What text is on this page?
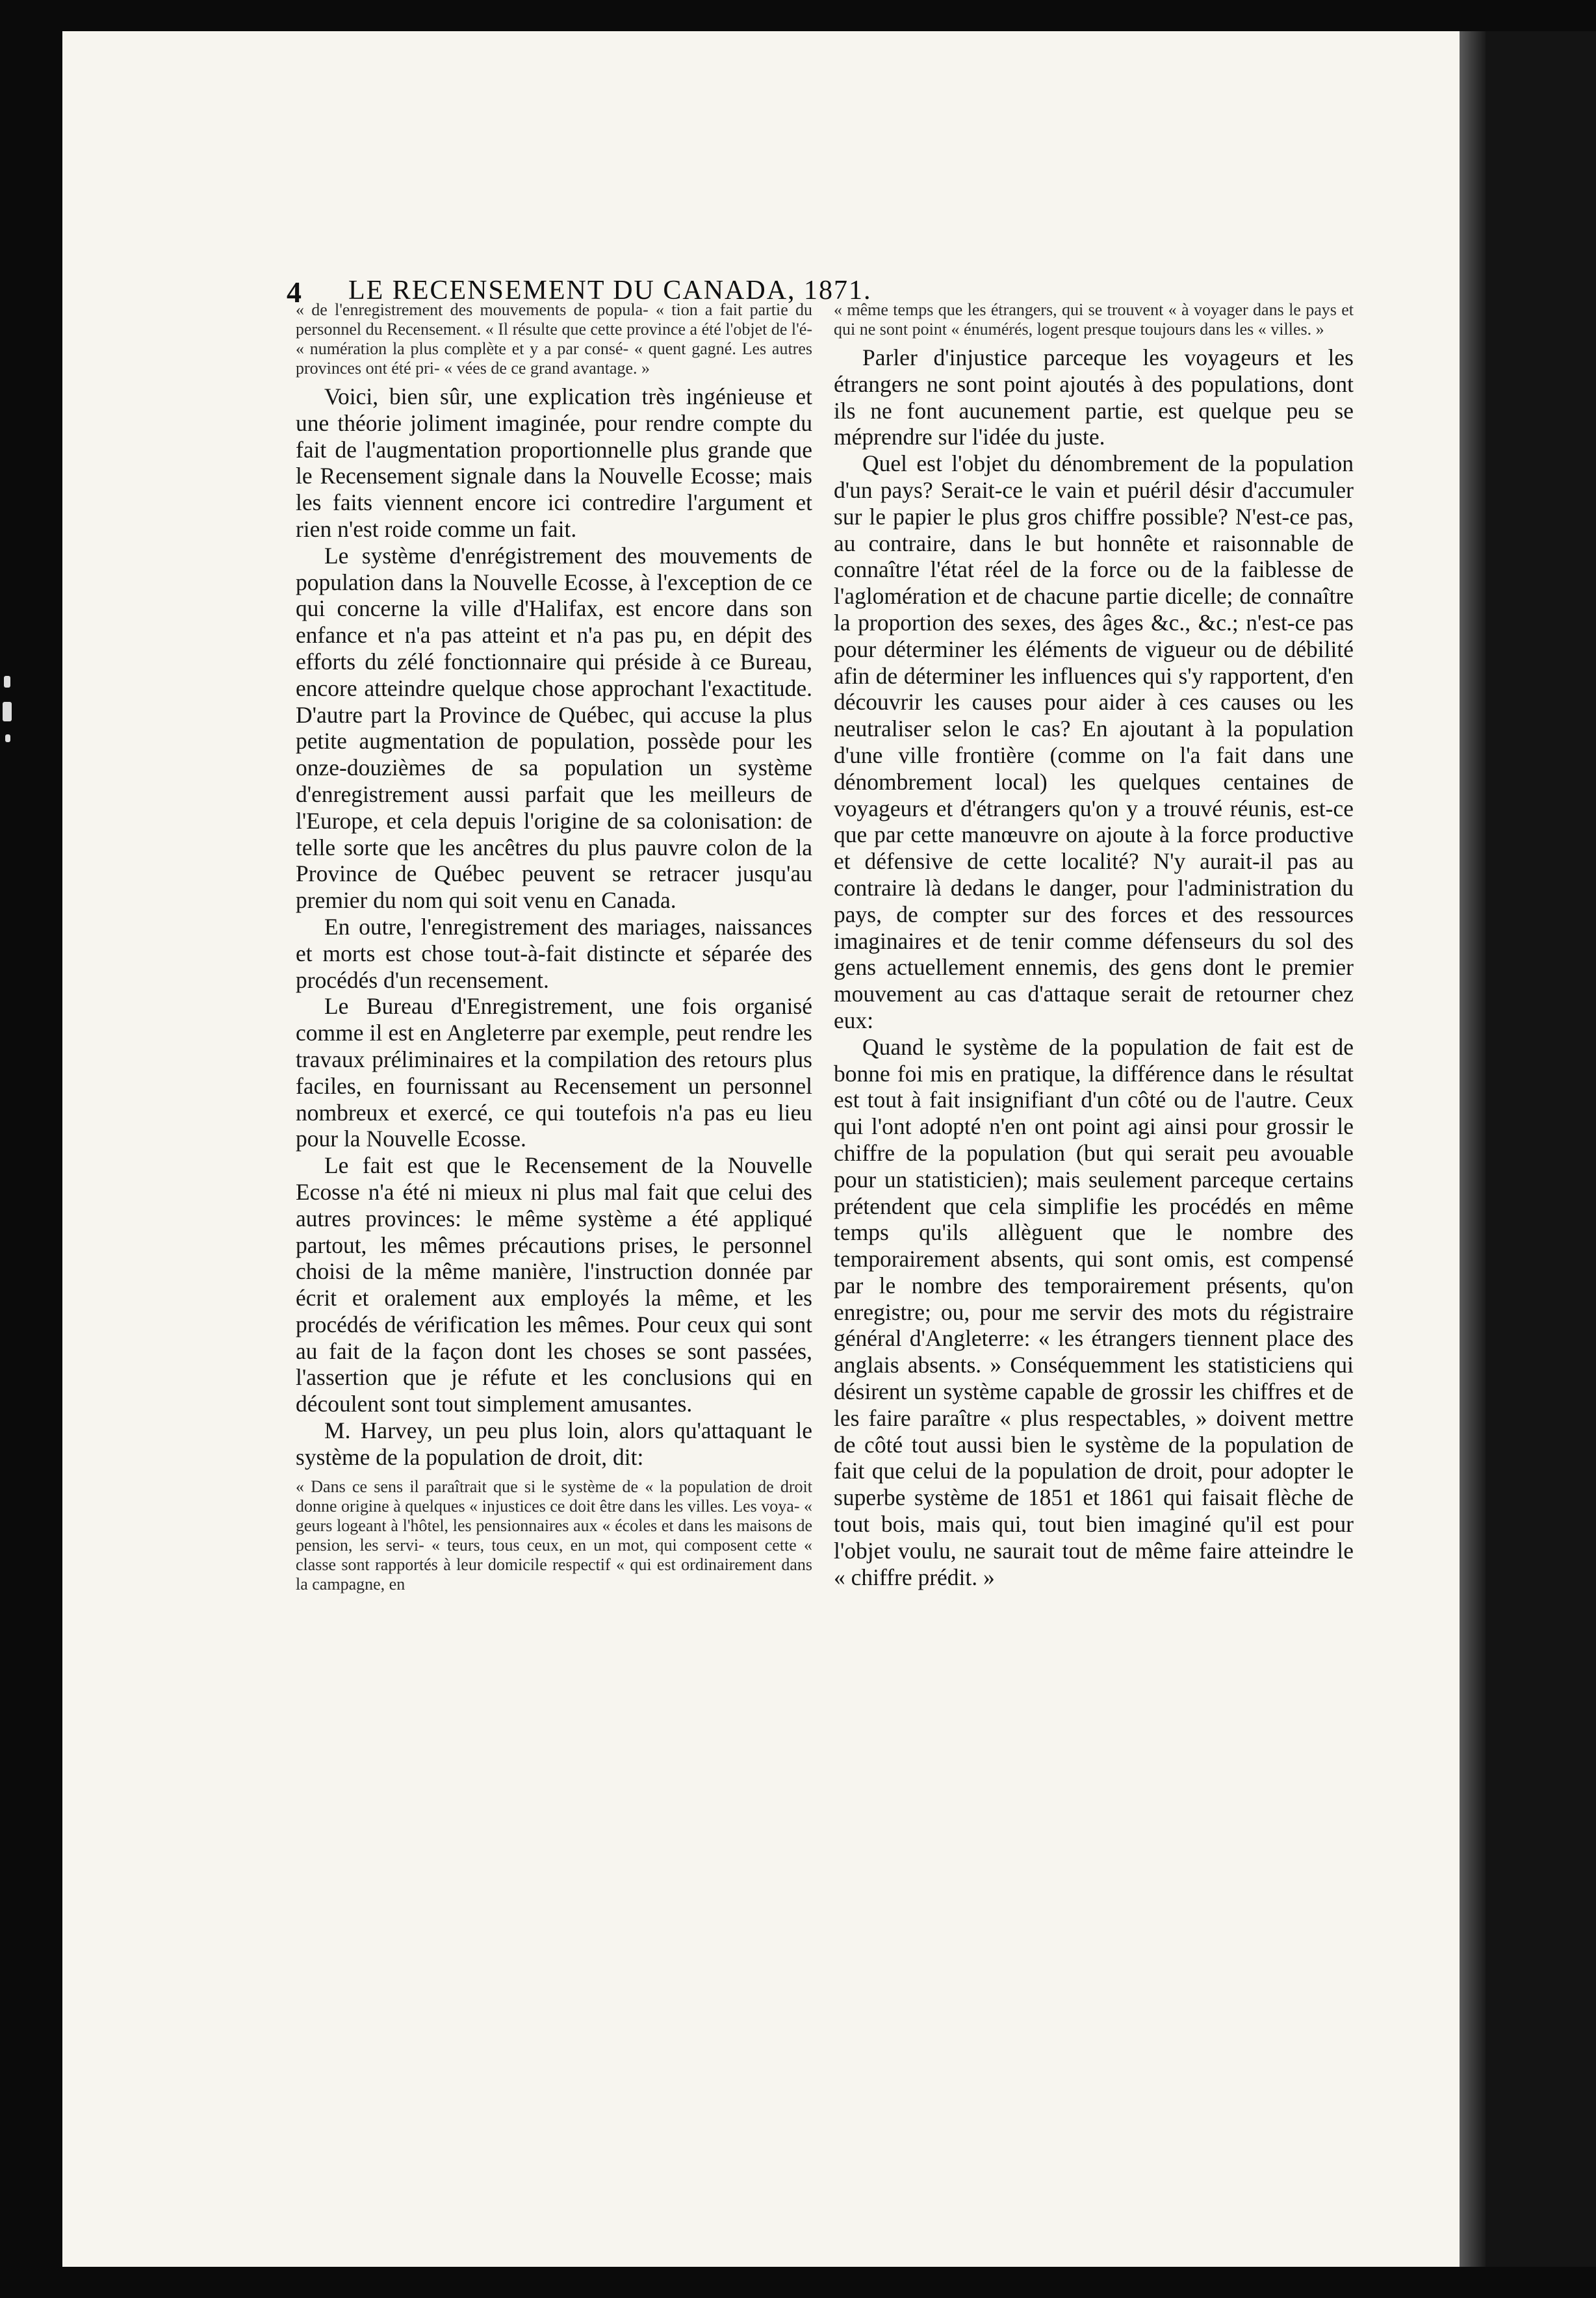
4 LE RECENSEMENT DU CANADA, 1871.

« de l'enregistrement des mouvements de popula- « tion a fait partie du personnel du Recensement. « Il résulte que cette province a été l'objet de l'é- « numération la plus complète et y a par consé- « quent gagné. Les autres provinces ont été pri- « vées de ce grand avantage. »

Voici, bien sûr, une explication très ingénieuse et une théorie joliment imaginée, pour rendre compte du fait de l'augmentation proportionnelle plus grande que le Recensement signale dans la Nouvelle Ecosse; mais les faits viennent encore ici contredire l'argument et rien n'est roide comme un fait.

Le système d'enrégistrement des mouvements de population dans la Nouvelle Ecosse, à l'exception de ce qui concerne la ville d'Halifax, est encore dans son enfance et n'a pas atteint et n'a pas pu, en dépit des efforts du zélé fonctionnaire qui préside à ce Bureau, encore atteindre quelque chose approchant l'exactitude. D'autre part la Province de Québec, qui accuse la plus petite augmentation de population, possède pour les onze-douzièmes de sa population un système d'enregistrement aussi parfait que les meilleurs de l'Europe, et cela depuis l'origine de sa colonisation: de telle sorte que les ancêtres du plus pauvre colon de la Province de Québec peuvent se retracer jusqu'au premier du nom qui soit venu en Canada.

En outre, l'enregistrement des mariages, naissances et morts est chose tout-à-fait distincte et séparée des procédés d'un recensement.

Le Bureau d'Enregistrement, une fois organisé comme il est en Angleterre par exemple, peut rendre les travaux préliminaires et la compilation des retours plus faciles, en fournissant au Recensement un personnel nombreux et exercé, ce qui toutefois n'a pas eu lieu pour la Nouvelle Ecosse.

Le fait est que le Recensement de la Nouvelle Ecosse n'a été ni mieux ni plus mal fait que celui des autres provinces: le même système a été appliqué partout, les mêmes précautions prises, le personnel choisi de la même manière, l'instruction donnée par écrit et oralement aux employés la même, et les procédés de vérification les mêmes. Pour ceux qui sont au fait de la façon dont les choses se sont passées, l'assertion que je réfute et les conclusions qui en découlent sont tout simplement amusantes.

M. Harvey, un peu plus loin, alors qu'attaquant le système de la population de droit, dit:

« Dans ce sens il paraîtrait que si le système de « la population de droit donne origine à quelques « injustices ce doit être dans les villes. Les voya- « geurs logeant à l'hôtel, les pensionnaires aux « écoles et dans les maisons de pension, les servi- « teurs, tous ceux, en un mot, qui composent cette « classe sont rapportés à leur domicile respectif « qui est ordinairement dans la campagne, en

« même temps que les étrangers, qui se trouvent « à voyager dans le pays et qui ne sont point « énumérés, logent presque toujours dans les « villes. »

Parler d'injustice parceque les voyageurs et les étrangers ne sont point ajoutés à des populations, dont ils ne font aucunement partie, est quelque peu se méprendre sur l'idée du juste.

Quel est l'objet du dénombrement de la population d'un pays? Serait-ce le vain et puéril désir d'accumuler sur le papier le plus gros chiffre possible? N'est-ce pas, au contraire, dans le but honnête et raisonnable de connaître l'état réel de la force ou de la faiblesse de l'aglomération et de chacune partie dicelle; de connaître la proportion des sexes, des âges &c., &c.; n'est-ce pas pour déterminer les éléments de vigueur ou de débilité afin de déterminer les influences qui s'y rapportent, d'en découvrir les causes pour aider à ces causes ou les neutraliser selon le cas? En ajoutant à la population d'une ville frontière (comme on l'a fait dans une dénombrement local) les quelques centaines de voyageurs et d'étrangers qu'on y a trouvé réunis, est-ce que par cette manœuvre on ajoute à la force productive et défensive de cette localité? N'y aurait-il pas au contraire là dedans le danger, pour l'administration du pays, de compter sur des forces et des ressources imaginaires et de tenir comme défenseurs du sol des gens actuellement ennemis, des gens dont le premier mouvement au cas d'attaque serait de retourner chez eux:

Quand le système de la population de fait est de bonne foi mis en pratique, la différence dans le résultat est tout à fait insignifiant d'un côté ou de l'autre. Ceux qui l'ont adopté n'en ont point agi ainsi pour grossir le chiffre de la population (but qui serait peu avouable pour un statisticien); mais seulement parceque certains prétendent que cela simplifie les procédés en même temps qu'ils allèguent que le nombre des temporairement absents, qui sont omis, est compensé par le nombre des temporairement présents, qu'on enregistre; ou, pour me servir des mots du régistraire général d'Angleterre: « les étrangers tiennent place des anglais absents. » Conséquemment les statisticiens qui désirent un système capable de grossir les chiffres et de les faire paraître « plus respectables, » doivent mettre de côté tout aussi bien le système de la population de fait que celui de la population de droit, pour adopter le superbe système de 1851 et 1861 qui faisait flèche de tout bois, mais qui, tout bien imaginé qu'il est pour l'objet voulu, ne saurait tout de même faire atteindre le « chiffre prédit. »
